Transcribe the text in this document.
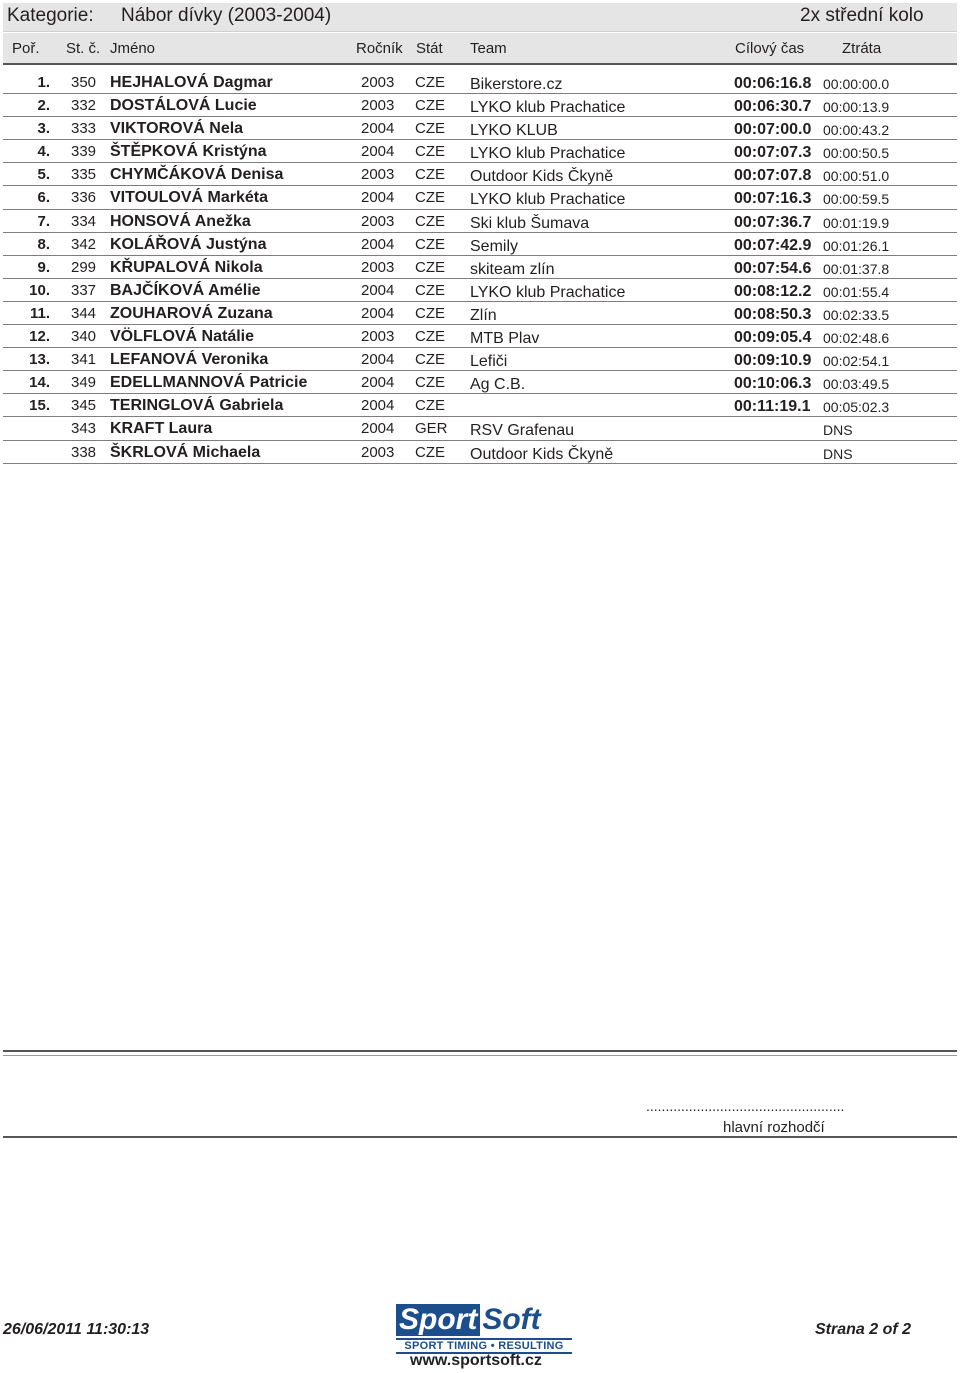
Kategorie: Nábor dívky (2003-2004)	2x střední kolo
Poř. St. č. Jméno	Ročník Stát Team	Cílový čas	Ztráta
1. 350 HEJHALOVÁ Dagmar	2003 CZE Bikerstore.cz	00:06:16.8 00:00:00.0
2. 332 DOSTÁLOVÁ Lucie	2003 CZE LYKO klub Prachatice	00:06:30.7 00:00:13.9
3. 333 VIKTOROVÁ Nela	2004 CZE LYKO KLUB	00:07:00.0 00:00:43.2
4. 339 ŠTĚPKOVÁ Kristýna	2004 CZE LYKO klub Prachatice	00:07:07.3 00:00:50.5
5. 335 CHYMČÁKOVÁ Denisa	2003 CZE Outdoor Kids Čkyně	00:07:07.8 00:00:51.0
6. 336 VITOULOVÁ Markéta	2004 CZE LYKO klub Prachatice	00:07:16.3 00:00:59.5
7. 334 HONSOVÁ Anežka	2003 CZE Ski klub Šumava	00:07:36.7 00:01:19.9
8. 342 KOLÁŘOVÁ Justýna	2004 CZE Semily	00:07:42.9 00:01:26.1
9. 299 KŘUPALOVÁ Nikola	2003 CZE skiteam zlín	00:07:54.6 00:01:37.8
10. 337 BAJČÍKOVÁ Amélie	2004 CZE LYKO klub Prachatice	00:08:12.2 00:01:55.4
11. 344 ZOUHAROVÁ Zuzana	2004 CZE Zlín	00:08:50.3 00:02:33.5
12. 340 VÖLFLOVÁ Natálie	2003 CZE MTB Plav	00:09:05.4 00:02:48.6
13. 341 LEFANOVÁ Veronika	2004 CZE Lefiči	00:09:10.9 00:02:54.1
14. 349 EDELLMANNOVÁ Patricie	2004 CZE Ag C.B.	00:10:06.3 00:03:49.5
15. 345 TERINGLOVÁ Gabriela	2004 CZE	00:11:19.1 00:05:02.3
343 KRAFT Laura	2004 GER RSV Grafenau	DNS
338 ŠKRLOVÁ Michaela	2003 CZE Outdoor Kids Čkyně	DNS
...................................................
hlavní rozhodčí
26/06/2011 11:30:13	Sport Soft
SPORT TIMING • RESULTING
www.sportsoft.cz
Strana 2 of 2
